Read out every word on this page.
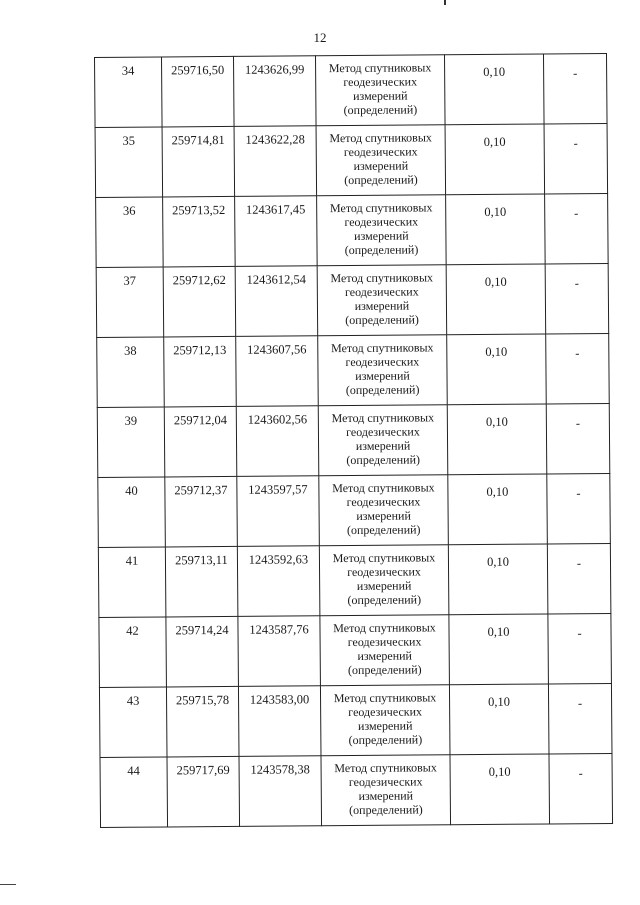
12
34	259716,50	1243626,99	Метод спутниковых геодезических измерений (определений)	0,10	-

35	259714,81	1243622,28	Метод спутниковых геодезических измерений (определений)	0,10	-

36	259713,52	1243617,45	Метод спутниковых геодезических измерений (определений)	0,10	-

37	259712,62	1243612,54	Метод спутниковых геодезических измерений (определений)	0,10	-

38	259712,13	1243607,56	Метод спутниковых геодезических измерений (определений)	0,10	-

39	259712,04	1243602,56	Метод спутниковых геодезических измерений (определений)	0,10	-

40	259712,37	1243597,57	Метод спутниковых геодезических измерений (определений)	0,10	-

41	259713,11	1243592,63	Метод спутниковых геодезических измерений (определений)	0,10	-

42	259714,24	1243587,76	Метод спутниковых геодезических измерений (определений)	0,10	-

43	259715,78	1243583,00	Метод спутниковых геодезических измерений (определений)	0,10	-

44	259717,69	1243578,38	Метод спутниковых геодезических измерений (определений)	0,10	-
